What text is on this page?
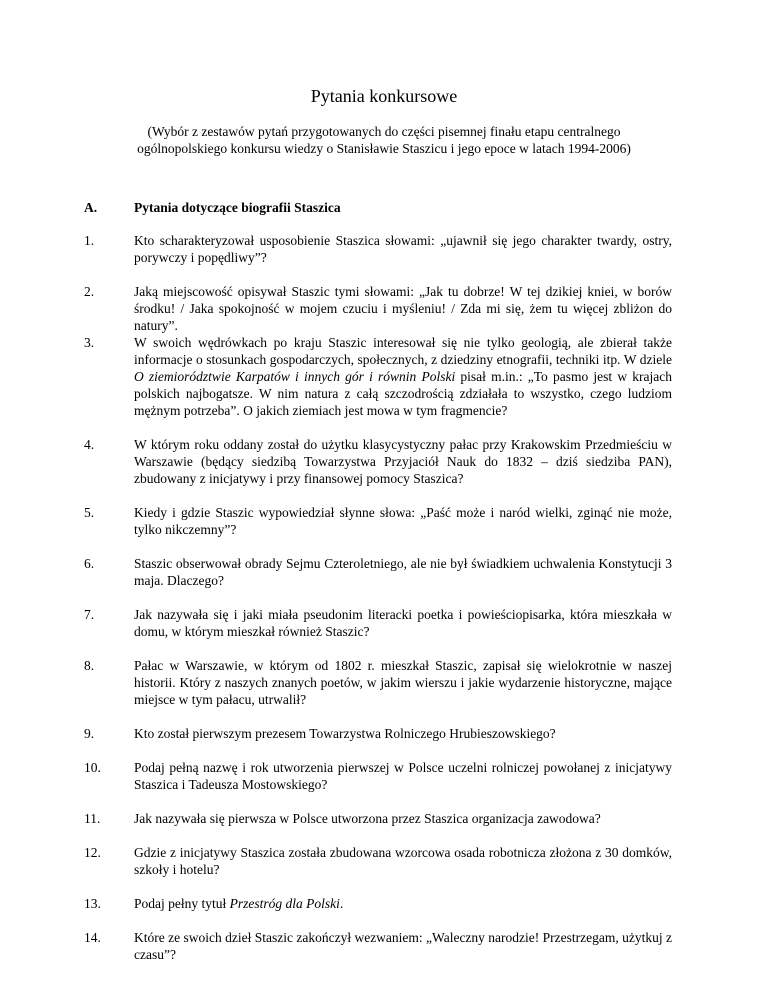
Pytania konkursowe
(Wybór z zestawów pytań przygotowanych do części pisemnej finału etapu centralnego ogólnopolskiego konkursu wiedzy o Stanisławie Staszicu i jego epoce w latach 1994-2006)
A.	Pytania dotyczące biografii Staszica
1.	Kto scharakteryzował usposobienie Staszica słowami: „ujawnił się jego charakter twardy, ostry, porywczy i popędliwy”?
2.	Jaką miejscowość opisywał Staszic tymi słowami: „Jak tu dobrze! W tej dzikiej kniei, w borów środku! / Jaka spokojność w mojem czuciu i myśleniu! / Zda mi się, żem tu więcej zbliżon do natury”.
3.	W swoich wędrówkach po kraju Staszic interesował się nie tylko geologią, ale zbierał także informacje o stosunkach gospodarczych, społecznych, z dziedziny etnografii, techniki itp. W dziele O ziemiorództwie Karpatów i innych gór i równin Polski pisał m.in.: „To pasmo jest w krajach polskich najbogatsze. W nim natura z całą szczodrością zdziałała to wszystko, czego ludziom mężnym potrzeba”. O jakich ziemiach jest mowa w tym fragmencie?
4.	W którym roku oddany został do użytku klasycystyczny pałac przy Krakowskim Przedmieściu w Warszawie (będący siedzibą Towarzystwa Przyjaciół Nauk do 1832 – dziś siedziba PAN), zbudowany z inicjatywy i przy finansowej pomocy Staszica?
5.	Kiedy i gdzie Staszic wypowiedział słynne słowa: „Paść może i naród wielki, zginąć nie może, tylko nikczemny”?
6.	Staszic obserwował obrady Sejmu Czteroletniego, ale nie był świadkiem uchwalenia Konstytucji 3 maja. Dlaczego?
7.	Jak nazywała się i jaki miała pseudonim literacki poetka i powieściopisarka, która mieszkała w domu, w którym mieszkał również Staszic?
8.	Pałac w Warszawie, w którym od 1802 r. mieszkał Staszic, zapisał się wielokrotnie w naszej historii. Który z naszych znanych poetów, w jakim wierszu i jakie wydarzenie historyczne, mające miejsce w tym pałacu, utrwalił?
9.	Kto został pierwszym prezesem Towarzystwa Rolniczego Hrubieszowskiego?
10.	Podaj pełną nazwę i rok utworzenia pierwszej w Polsce uczelni rolniczej powołanej z inicjatywy Staszica i Tadeusza Mostowskiego?
11.	Jak nazywała się pierwsza w Polsce utworzona przez Staszica organizacja zawodowa?
12.	Gdzie z inicjatywy Staszica została zbudowana wzorcowa osada robotnicza złożona z 30 domków, szkoły i hotelu?
13.	Podaj pełny tytuł Przestróg dla Polski.
14.	Które ze swoich dzieł Staszic zakończył wezwaniem: „Waleczny narodzie! Przestrzegam, użytkuj z czasu”?
